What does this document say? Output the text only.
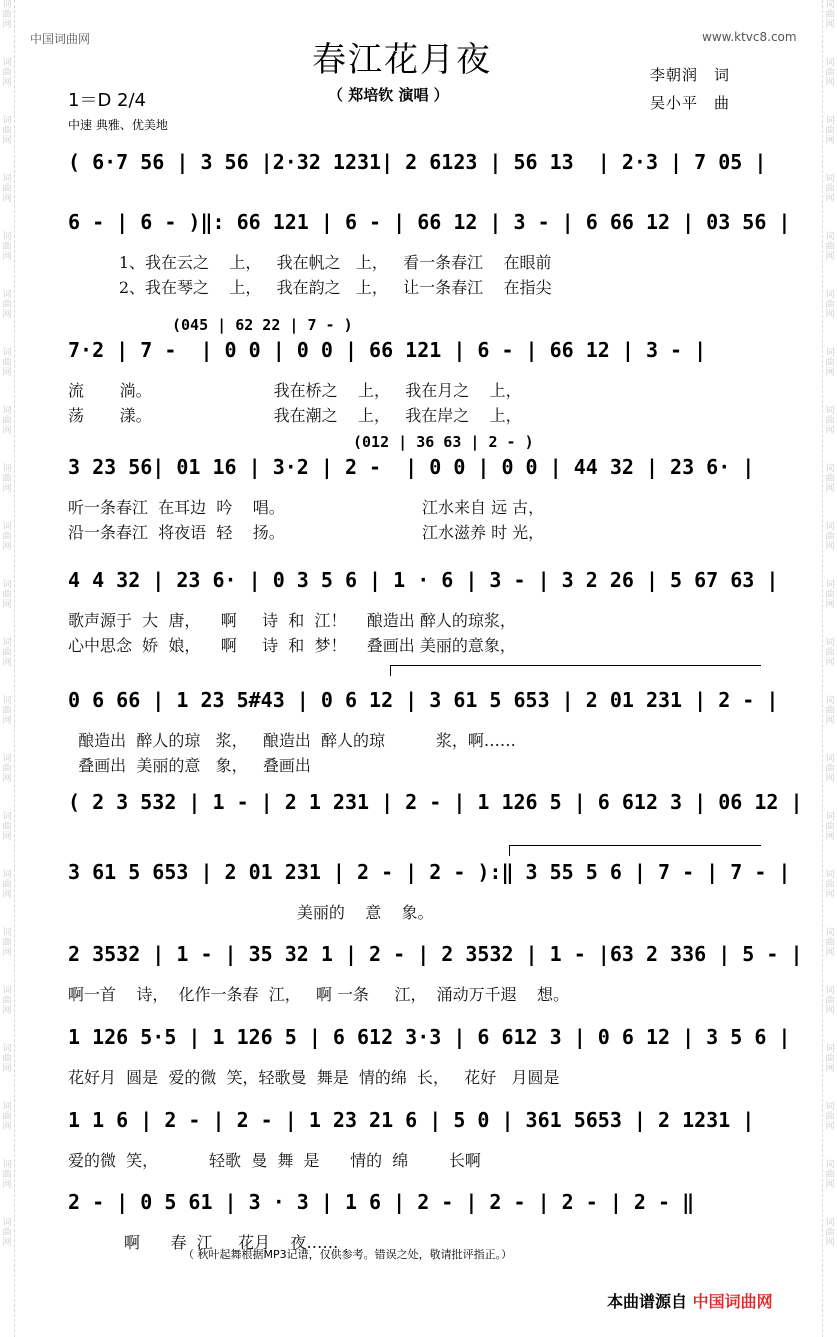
词
曲
网
词
曲
网
词
曲
网
词
曲
网
词
曲
网
词
曲
网
词
曲
网
词
曲
网
词
曲
网
词
曲
网
词
曲
网
词
曲
网
词
曲
网
词
曲
网
词
曲
网
词
曲
网
词
曲
网
词
曲
网
词
曲
网
词
曲
网
词
曲
网
词
曲
网
词
曲
网
词
曲
网
词
曲
网
词
曲
网
词
曲
网
词
曲
网
词
曲
网
词
曲
网
词
曲
网
词
曲
网
词
曲
网
词
曲
网
词
曲
网
词
曲
网
词
曲
网
词
曲
网
词
曲
网
词
曲
网
词
曲
网
词
曲
网
词
曲
网
词
曲
网
中国词曲网	www.ktvc8.com
春江花月夜
（ 郑培钦 演唱 ）
李朝润　词
吴小平　曲
1＝D 2/4
中速 典雅、优美地
( 6·7 56 | 3 56 |2·32 1231| 2 6123 | 56 13  | 2·3 | 7 05 |
6 - | 6 - )‖: 66 121 | 6 - | 66 12 | 3 - | 6 66 12 | 03 56 |
1、我在云之    上，   我在帆之   上，   看一条春江    在眼前
2、我在琴之    上，   我在韵之   上，   让一条春江    在指尖
(045 | 62 22 | 7 - )
7·2 | 7 -  | 0 0 | 0 0 | 66 121 | 6 - | 66 12 | 3 - |
流       淌。                        我在桥之    上，   我在月之    上，
荡       漾。                        我在潮之    上，   我在岸之    上，
(012 | 36 63 | 2 - )
3 23 56| 01 16 | 3·2 | 2 -  | 0 0 | 0 0 | 44 32 | 23 6· |
听一条春江  在耳边  吟    唱。                           江水来自 远 古，
沿一条春江  将夜语  轻    扬。                           江水滋养 时 光，
4 4 32 | 23 6· | 0 3 5 6 | 1 · 6 | 3 - | 3 2 26 | 5 67 63 |
歌声源于  大  唐，    啊     诗  和  江！    酿造出 醉人的琼浆，
心中思念  娇  娘，    啊     诗  和  梦！    叠画出 美丽的意象，
0 6 66 | 1 23 5#43 | 0 6 12 | 3 61 5 653 | 2 01 231 | 2 - |
酿造出  醉人的琼   浆，   酿造出  醉人的琼          浆，啊……
叠画出  美丽的意   象，   叠画出
( 2 3 532 | 1 - | 2 1 231 | 2 - | 1 126 5 | 6 612 3 | 06 12 |
3 61 5 653 | 2 01 231 | 2 - | 2 - ):‖ 3 55 5 6 | 7 - | 7 - |
美丽的    意    象。
2 3532 | 1 - | 35 32 1 | 2 - | 2 3532 | 1 - |63 2 336 | 5 - |
啊一首    诗，  化作一条春  江，   啊 一条     江，  涌动万千遐    想。
1 126 5·5 | 1 126 5 | 6 612 3·3 | 6 612 3 | 0 6 12 | 3 5 6 |
花好月  圆是  爱的微  笑，轻歌曼  舞是  情的绵  长，   花好   月圆是
1 1 6 | 2 - | 2 - | 1 23 21 6 | 5 0 | 361 5653 | 2 1231 |
爱的微  笑，          轻歌  曼  舞  是      情的  绵        长啊
2 - | 0 5 61 | 3 · 3 | 1 6 | 2 - | 2 - | 2 - | 2 - ‖
啊      春  江     花月    夜……
（ 秋叶起舞根据MP3记谱，仅供参考。错误之处，敬请批评指正。）
本曲谱源自 中国词曲网
